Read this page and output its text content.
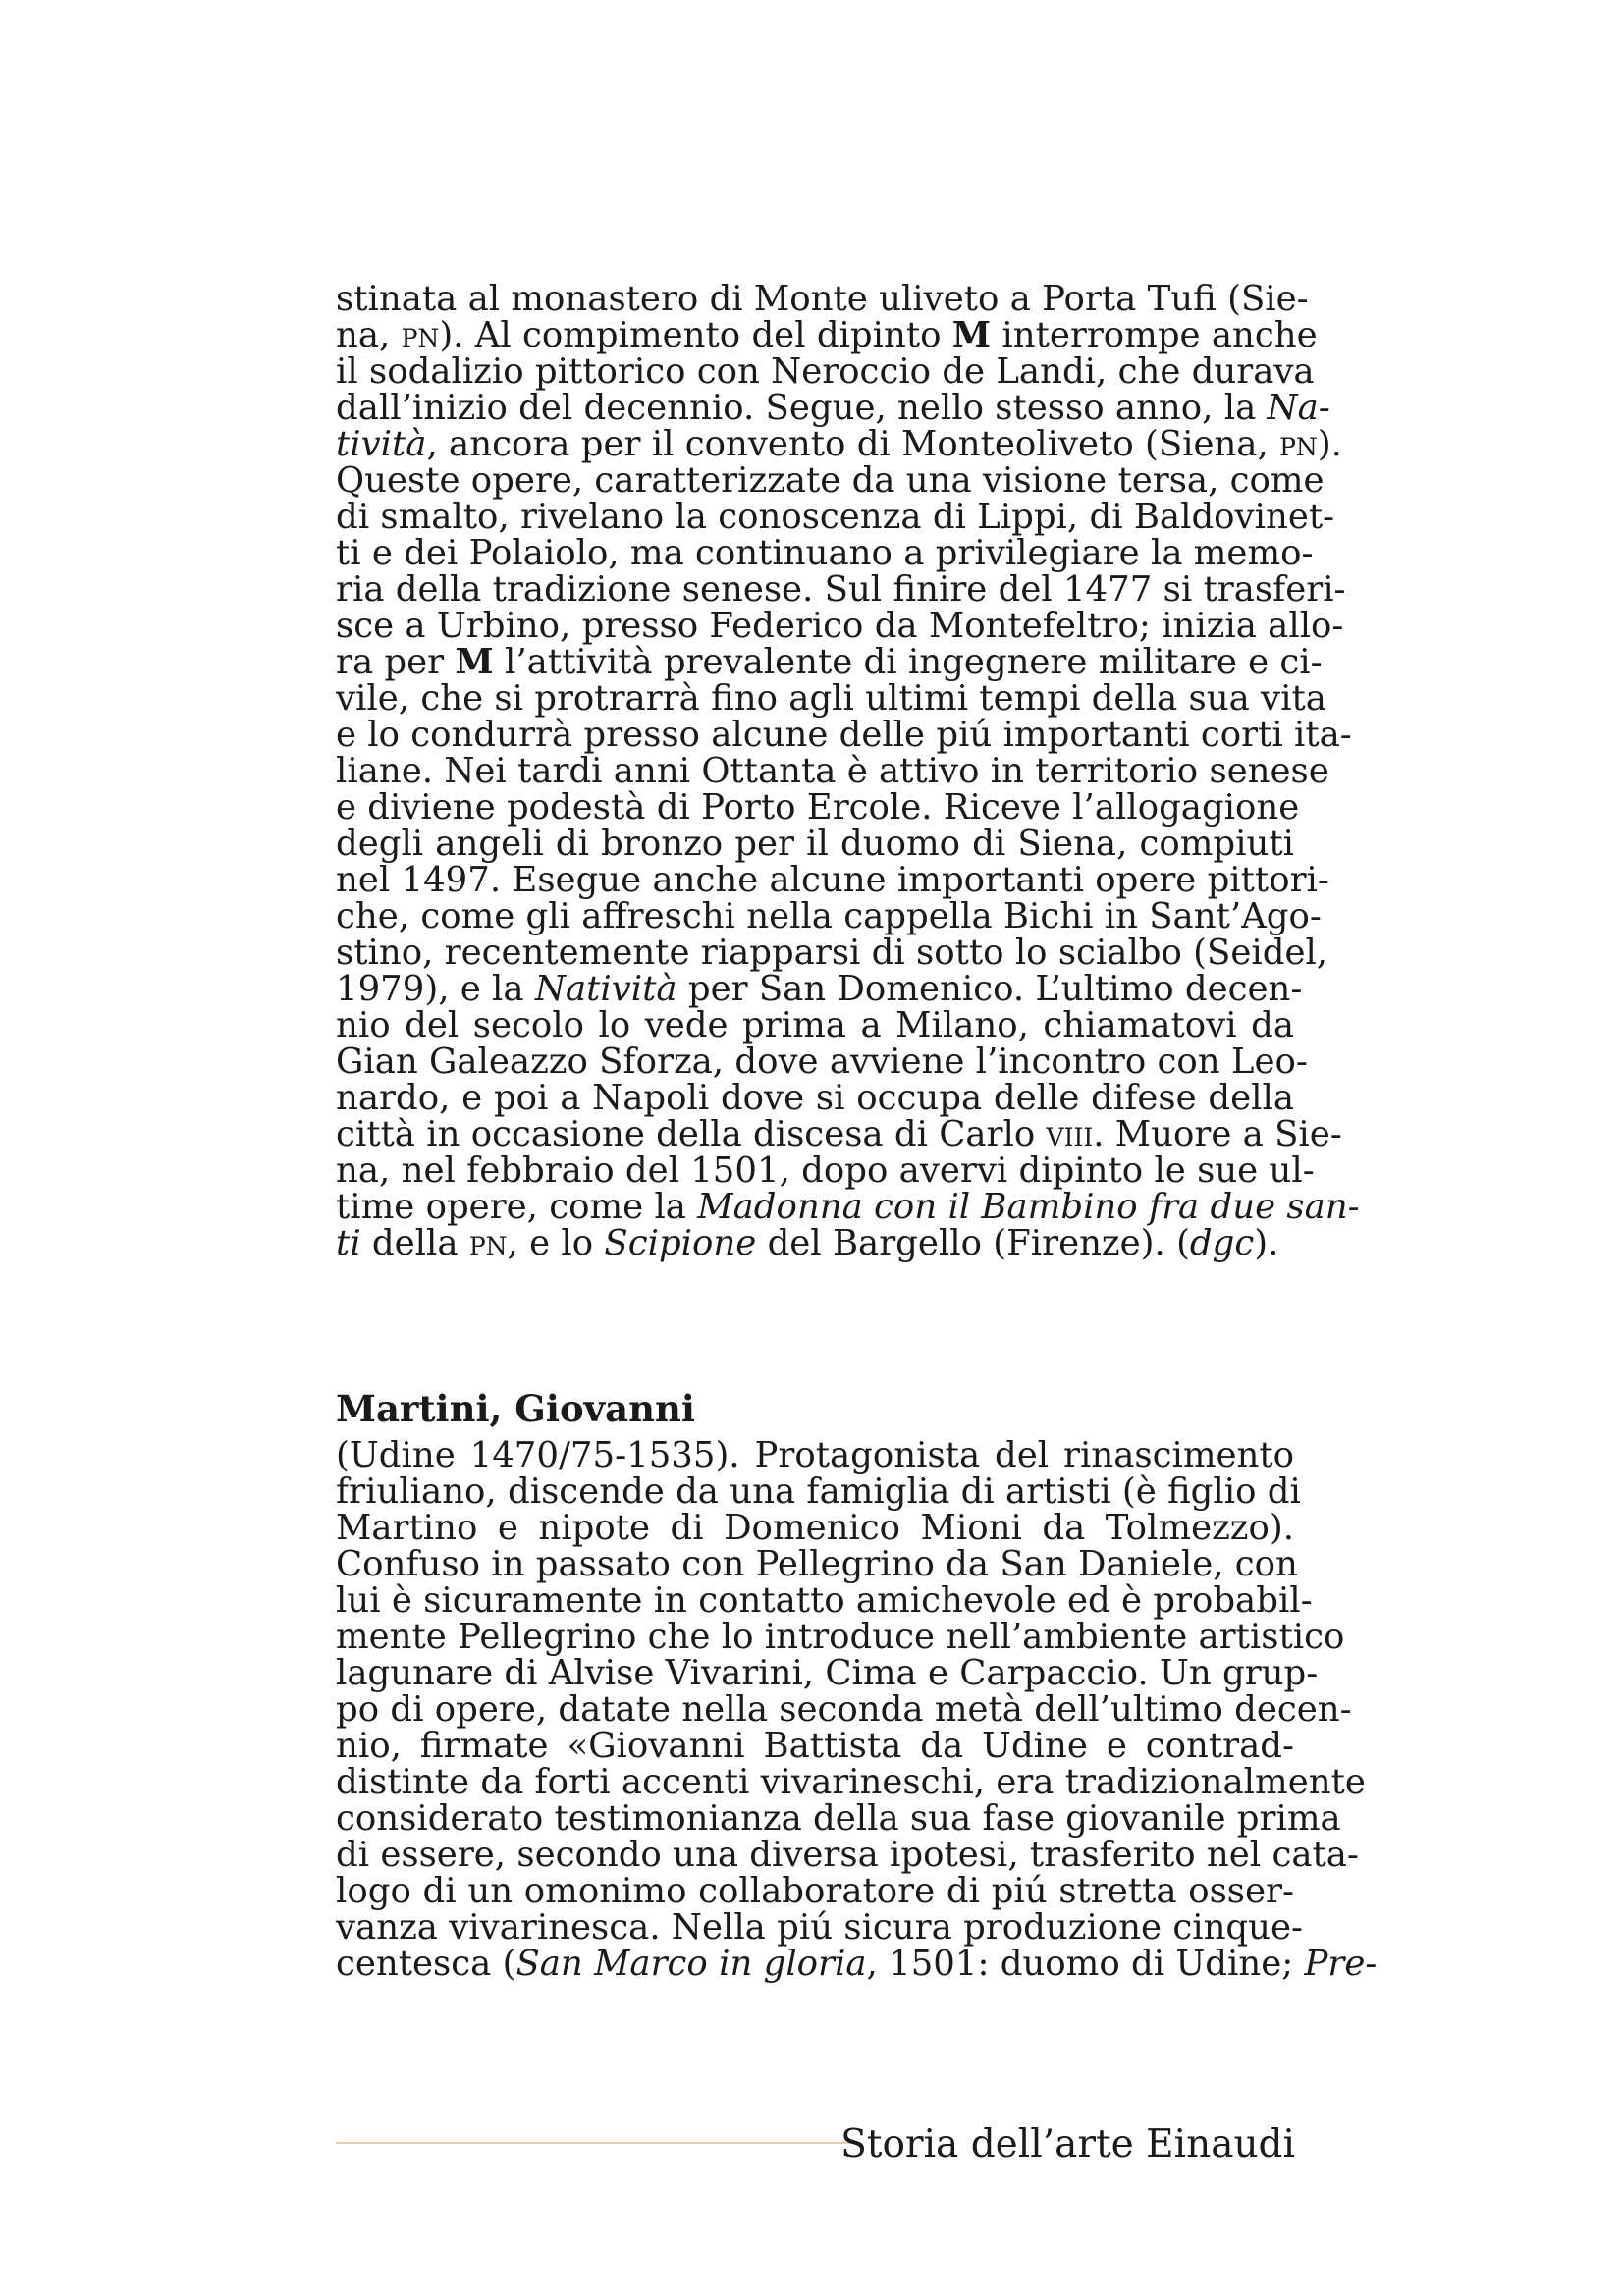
stinata al monastero di Monte uliveto a Porta Tufi (Sie-
na, pn). Al compimento del dipinto M interrompe anche
il sodalizio pittorico con Neroccio de Landi, che durava
dall’inizio del decennio. Segue, nello stesso anno, la Na-
tività, ancora per il convento di Monteoliveto (Siena, pn).
Queste opere, caratterizzate da una visione tersa, come
di smalto, rivelano la conoscenza di Lippi, di Baldovinet-
ti e dei Polaiolo, ma continuano a privilegiare la memo-
ria della tradizione senese. Sul finire del 1477 si trasferi-
sce a Urbino, presso Federico da Montefeltro; inizia allo-
ra per M l’attività prevalente di ingegnere militare e ci-
vile, che si protrarrà fino agli ultimi tempi della sua vita
e lo condurrà presso alcune delle piú importanti corti ita-
liane. Nei tardi anni Ottanta è attivo in territorio senese
e diviene podestà di Porto Ercole. Riceve l’allogagione
degli angeli di bronzo per il duomo di Siena, compiuti
nel 1497. Esegue anche alcune importanti opere pittori-
che, come gli affreschi nella cappella Bichi in Sant’Ago-
stino, recentemente riapparsi di sotto lo scialbo (Seidel,
1979), e la Natività per San Domenico. L’ultimo decen-
nio del secolo lo vede prima a Milano, chiamatovi da
Gian Galeazzo Sforza, dove avviene l’incontro con Leo-
nardo, e poi a Napoli dove si occupa delle difese della
città in occasione della discesa di Carlo viii. Muore a Sie-
na, nel febbraio del 1501, dopo avervi dipinto le sue ul-
time opere, come la Madonna con il Bambino fra due san-
ti della pn, e lo Scipione del Bargello (Firenze). (dgc).
Martini, Giovanni
(Udine 1470/75-1535). Protagonista del rinascimento
friuliano, discende da una famiglia di artisti (è figlio di
Martino e nipote di Domenico Mioni da Tolmezzo).
Confuso in passato con Pellegrino da San Daniele, con
lui è sicuramente in contatto amichevole ed è probabil-
mente Pellegrino che lo introduce nell’ambiente artistico
lagunare di Alvise Vivarini, Cima e Carpaccio. Un grup-
po di opere, datate nella seconda metà dell’ultimo decen-
nio, firmate «Giovanni Battista da Udine e contrad-
distinte da forti accenti vivarineschi, era tradizionalmente
considerato testimonianza della sua fase giovanile prima
di essere, secondo una diversa ipotesi, trasferito nel cata-
logo di un omonimo collaboratore di piú stretta osser-
vanza vivarinesca. Nella piú sicura produzione cinque-
centesca (San Marco in gloria, 1501: duomo di Udine; Pre-
Storia dell’arte Einaudi
